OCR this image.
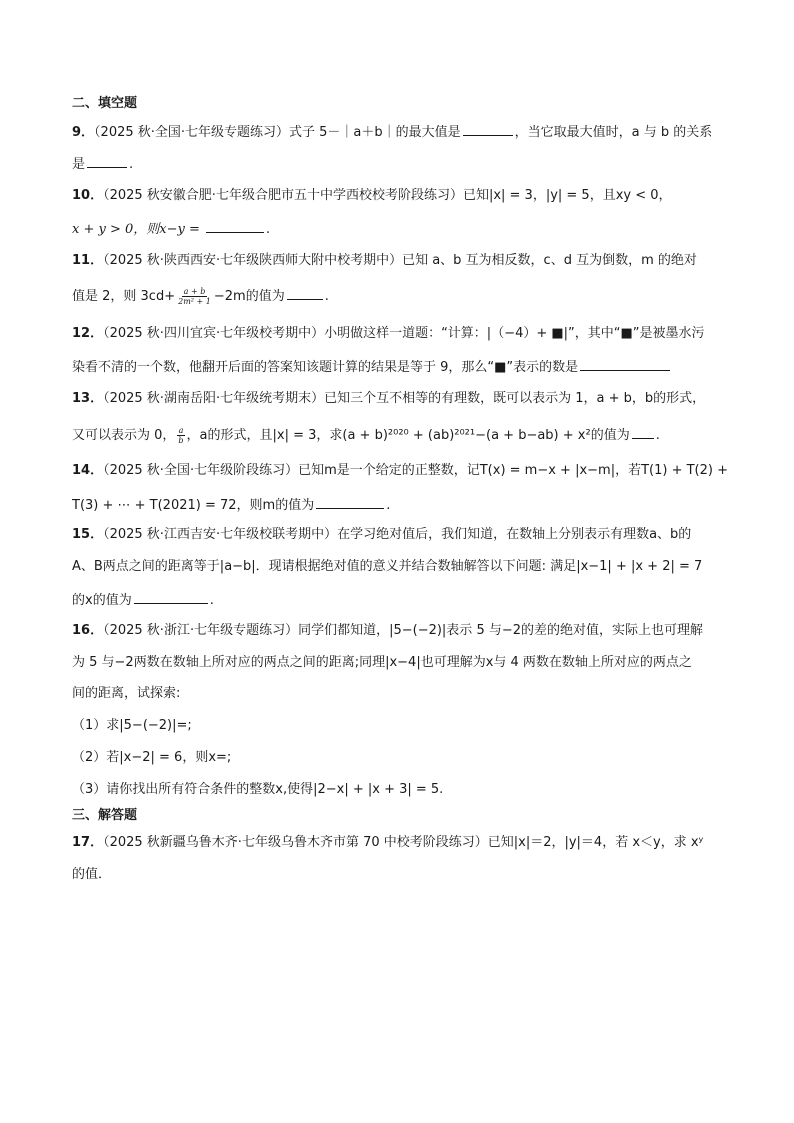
二、填空题
9．（2025 秋·全国·七年级专题练习）式子 5－｜a＋b｜的最大值是	，当它取最大值时，a 与 b 的关系
是	.
10．（2025 秋安徽合肥·七年级合肥市五十中学西校校考阶段练习）已知|x| = 3，|y| = 5，且xy < 0，
x + y > 0，则x−y =	.
11．（2025 秋·陕西西安·七年级陕西师大附中校考期中）已知 a、b 互为相反数，c、d 互为倒数，m 的绝对
值是 2，则 $3cd+ \frac{a + b}{\text{2m² + 1}} -2m$的值为	.
12．（2025 秋·四川宜宾·七年级校考期中）小明做这样一道题：“计算：|（−4）+ ■|”，其中“■”是被墨水污
染看不清的一个数，他翻开后面的答案知该题计算的结果是等于 9，那么“■”表示的数是
13．（2025 秋·湖南岳阳·七年级统考期末）已知三个互不相等的有理数，既可以表示为 1，a + b，b的形式，
又可以表示为 0， $\frac{a}{b}$ ，a的形式，且|x| = 3，求(a + b)²⁰²⁰ + (ab)²⁰²¹−(a + b−ab) + x²的值为 .
14．（2025 秋·全国·七年级阶段练习）已知m是一个给定的正整数，记T(x) = m−x + |x−m|，若T(1) + T(2) +
T(3) + ⋯ + T(2021) = 72，则m的值为	.
15．（2025 秋·江西吉安·七年级校联考期中）在学习绝对值后，我们知道，在数轴上分别表示有理数a、b的
A、B两点之间的距离等于|a−b|．现请根据绝对值的意义并结合数轴解答以下问题: 满足|x−1| + |x + 2| = 7
的x的值为	.
16．（2025 秋·浙江·七年级专题练习）同学们都知道，|5−(−2)|表示 5 与−2的差的绝对值，实际上也可理解
为 5 与−2两数在数轴上所对应的两点之间的距离;同理|x−4|也可理解为x与 4 两数在数轴上所对应的两点之
间的距离，试探索:
（1）求|5−(−2)|=;
（2）若|x−2| = 6，则x=;
（3）请你找出所有符合条件的整数x,使得|2−x| + |x + 3| = 5.
三、解答题
17．（2025 秋新疆乌鲁木齐·七年级乌鲁木齐市第 70 中校考阶段练习）已知|x|＝2，|y|＝4，若 x＜y，求 xʸ
的值．
